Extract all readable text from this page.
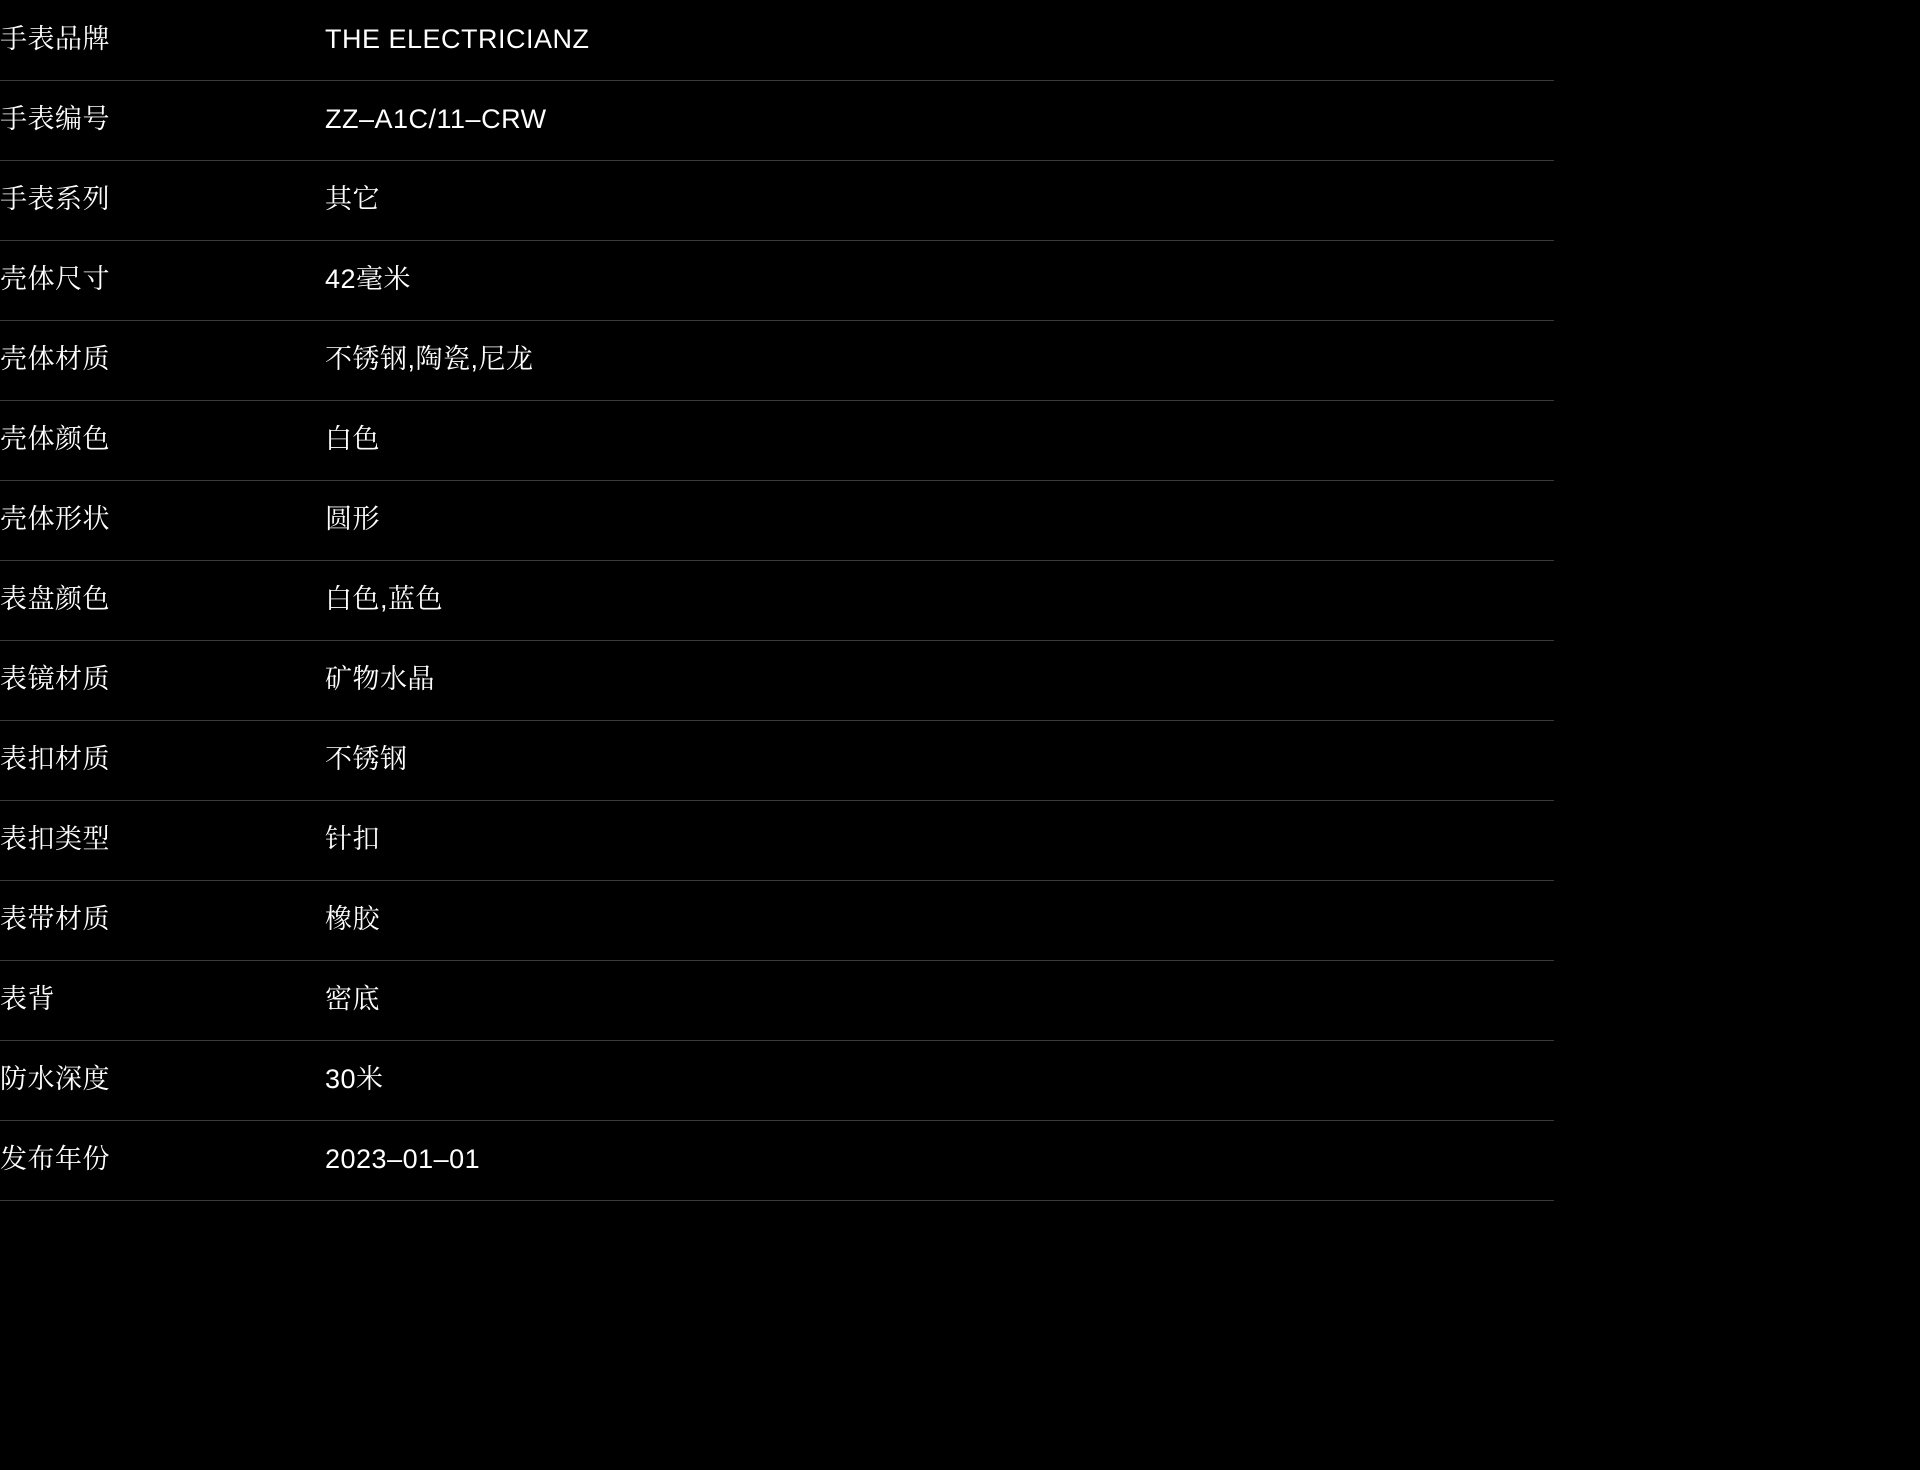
手表品牌	THE ELECTRICIANZ

手表编号	ZZ–A1C/11–CRW

手表系列	其它

壳体尺寸	42毫米

壳体材质	不锈钢,陶瓷,尼龙

壳体颜色	白色

壳体形状	圆形

表盘颜色	白色,蓝色

表镜材质	矿物水晶

表扣材质	不锈钢

表扣类型	针扣

表带材质	橡胶

表背	密底

防水深度	30米

发布年份	2023–01–01
